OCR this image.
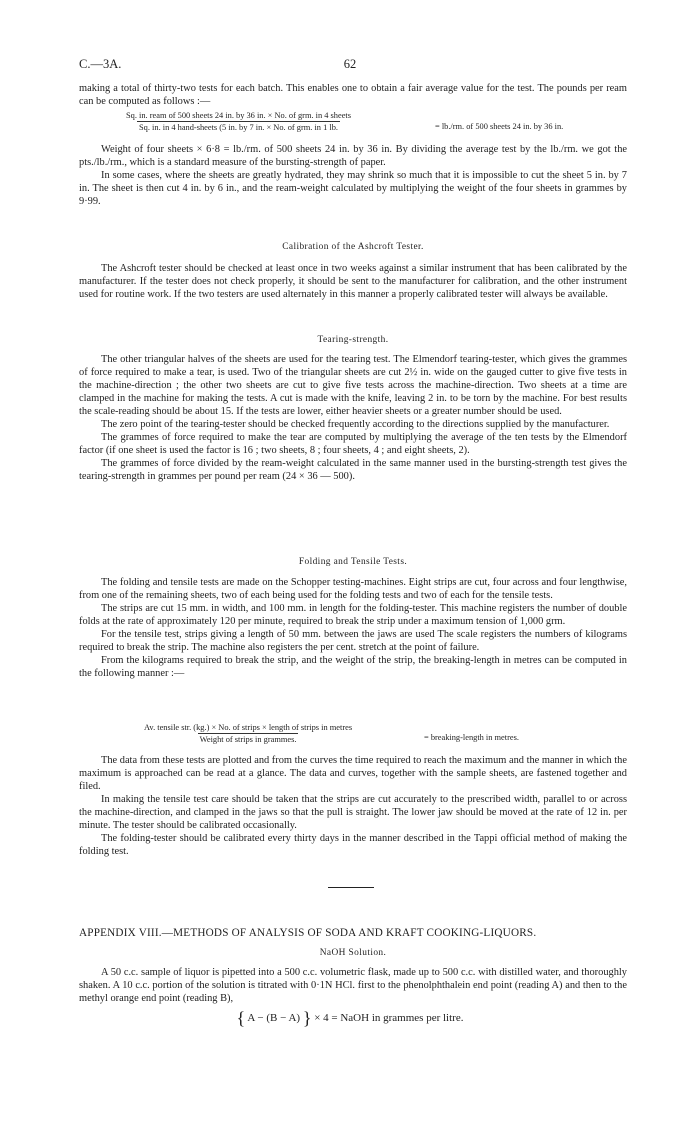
C.—3A.	62

making a total of thirty-two tests for each batch. This enables one to obtain a fair average value for the test. The pounds per ream can be computed as follows :—

Sq. in. ream of 500 sheets 24 in. by 36 in. × No. of grm. in 4 sheets
Sq. in. in 4 hand-sheets (5 in. by 7 in. × No. of grm. in 1 lb.	= lb./rm. of 500 sheets 24 in. by 36 in.

Weight of four sheets × 6·8 = lb./rm. of 500 sheets 24 in. by 36 in. By dividing the average test by the lb./rm. we got the pts./lb./rm., which is a standard measure of the bursting-strength of paper.

In some cases, where the sheets are greatly hydrated, they may shrink so much that it is impossible to cut the sheet 5 in. by 7 in. The sheet is then cut 4 in. by 6 in., and the ream-weight calculated by multiplying the weight of the four sheets in grammes by 9·99.

Calibration of the Ashcroft Tester.

The Ashcroft tester should be checked at least once in two weeks against a similar instrument that has been calibrated by the manufacturer. If the tester does not check properly, it should be sent to the manufacturer for calibration, and the other instrument used for routine work. If the two testers are used alternately in this manner a properly calibrated tester will always be available.

Tearing-strength.

The other triangular halves of the sheets are used for the tearing test. The Elmendorf tearing-tester, which gives the grammes of force required to make a tear, is used. Two of the triangular sheets are cut 2½ in. wide on the gauged cutter to give five tests in the machine-direction ; the other two sheets are cut to give five tests across the machine-direction. Two sheets at a time are clamped in the machine for making the tests. A cut is made with the knife, leaving 2 in. to be torn by the machine. For best results the scale-reading should be about 15. If the tests are lower, either heavier sheets or a greater number should be used.

The zero point of the tearing-tester should be checked frequently according to the directions supplied by the manufacturer.

The grammes of force required to make the tear are computed by multiplying the average of the ten tests by the Elmendorf factor (if one sheet is used the factor is 16 ; two sheets, 8 ; four sheets, 4 ; and eight sheets, 2).

The grammes of force divided by the ream-weight calculated in the same manner used in the bursting-strength test gives the tearing-strength in grammes per pound per ream (24 × 36 — 500).

Folding and Tensile Tests.

The folding and tensile tests are made on the Schopper testing-machines. Eight strips are cut, four across and four lengthwise, from one of the remaining sheets, two of each being used for the folding tests and two of each for the tensile tests.

The strips are cut 15 mm. in width, and 100 mm. in length for the folding-tester. This machine registers the number of double folds at the rate of approximately 120 per minute, required to break the strip under a maximum tension of 1,000 grm.

For the tensile test, strips giving a length of 50 mm. between the jaws are used The scale registers the numbers of kilograms required to break the strip. The machine also registers the per cent. stretch at the point of failure.

From the kilograms required to break the strip, and the weight of the strip, the breaking-length in metres can be computed in the following manner :—

Av. tensile str. (kg.) × No. of strips × length of strips in metres
Weight of strips in grammes.	= breaking-length in metres.

The data from these tests are plotted and from the curves the time required to reach the maximum and the manner in which the maximum is approached can be read at a glance. The data and curves, together with the sample sheets, are fastened together and filed.

In making the tensile test care should be taken that the strips are cut accurately to the prescribed width, parallel to or across the machine-direction, and clamped in the jaws so that the pull is straight. The lower jaw should be moved at the rate of 12 in. per minute. The tester should be calibrated occasionally.

The folding-tester should be calibrated every thirty days in the manner described in the Tappi official method of making the folding test.

APPENDIX VIII.—METHODS OF ANALYSIS OF SODA AND KRAFT COOKING-LIQUORS.
NaOH Solution.

A 50 c.c. sample of liquor is pipetted into a 500 c.c. volumetric flask, made up to 500 c.c. with distilled water, and thoroughly shaken. A 10 c.c. portion of the solution is titrated with 0·1N HCl. first to the phenolphthalein end point (reading A) and then to the methyl orange end point (reading B),

{ A − (B − A) } × 4 = NaOH in grammes per litre.
